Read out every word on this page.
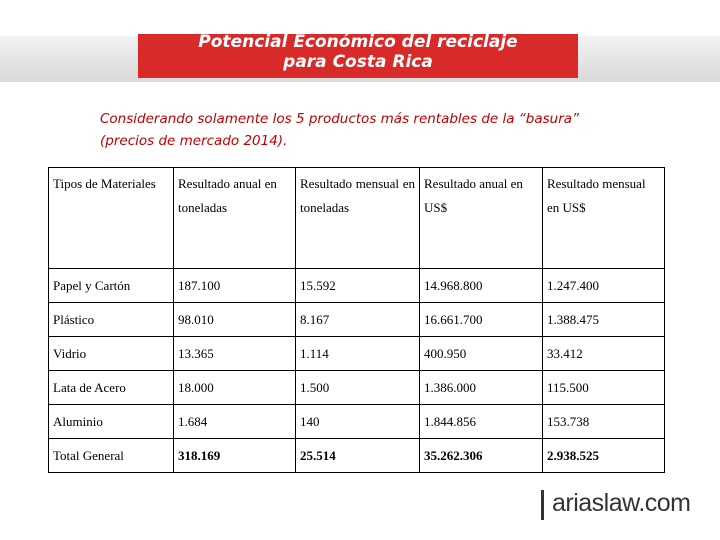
Potencial Económico del reciclaje
para Costa Rica
Considerando solamente los 5 productos más rentables de la “basura”
(precios de mercado 2014).
Tipos de Materiales	Resultado anual en toneladas	Resultado mensual en toneladas	Resultado anual en US$	Resultado mensual en US$
Papel y Cartón	187.100	15.592	14.968.800	1.247.400
Plástico	98.010	8.167	16.661.700	1.388.475
Vidrio	13.365	1.114	400.950	33.412
Lata de Acero	18.000	1.500	1.386.000	115.500
Aluminio	1.684	140	1.844.856	153.738
Total General	318.169	25.514	35.262.306	2.938.525
ariaslaw.com
